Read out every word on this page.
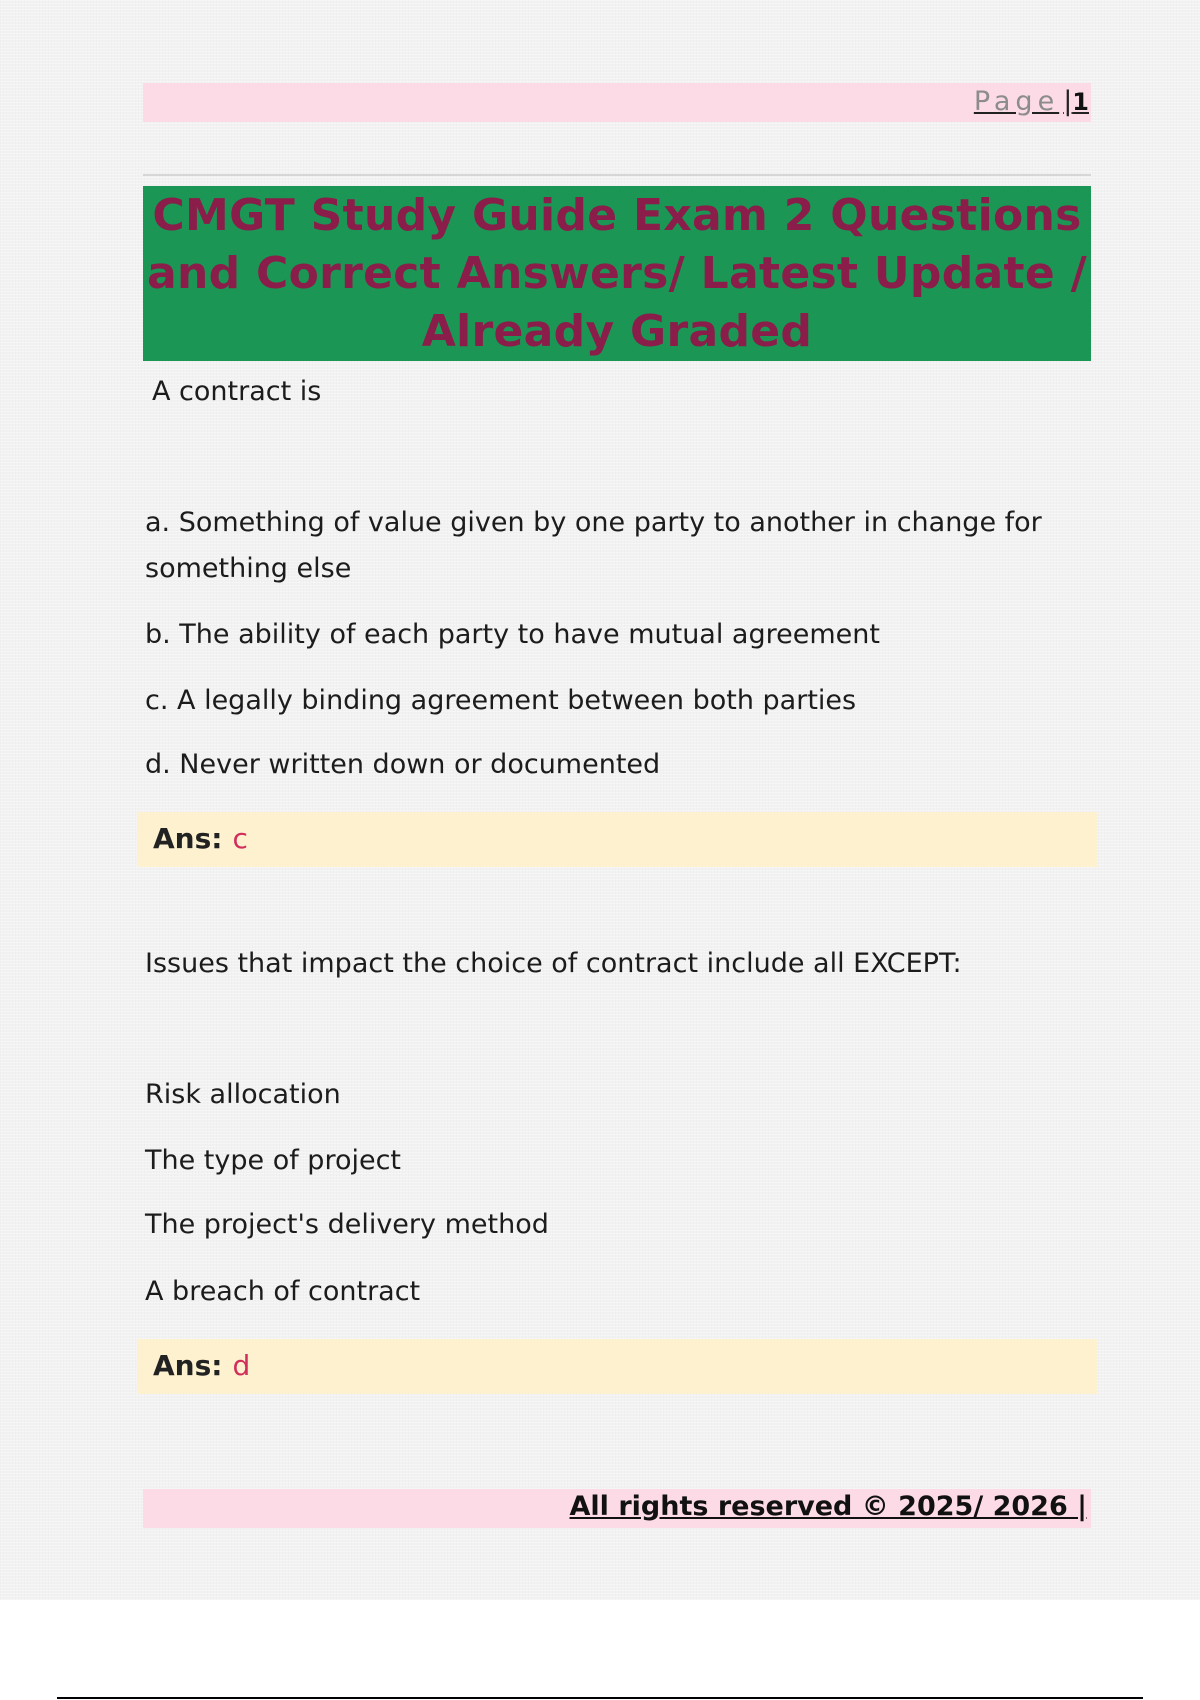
Page |1
CMGT Study Guide Exam 2 Questions and Correct Answers/ Latest Update / Already Graded
A contract is
a. Something of value given by one party to another in change for something else
b. The ability of each party to have mutual agreement
c. A legally binding agreement between both parties
d. Never written down or documented
Ans: c
Issues that impact the choice of contract include all EXCEPT:
Risk allocation
The type of project
The project's delivery method
A breach of contract
Ans: d
All rights reserved © 2025/ 2026 |
